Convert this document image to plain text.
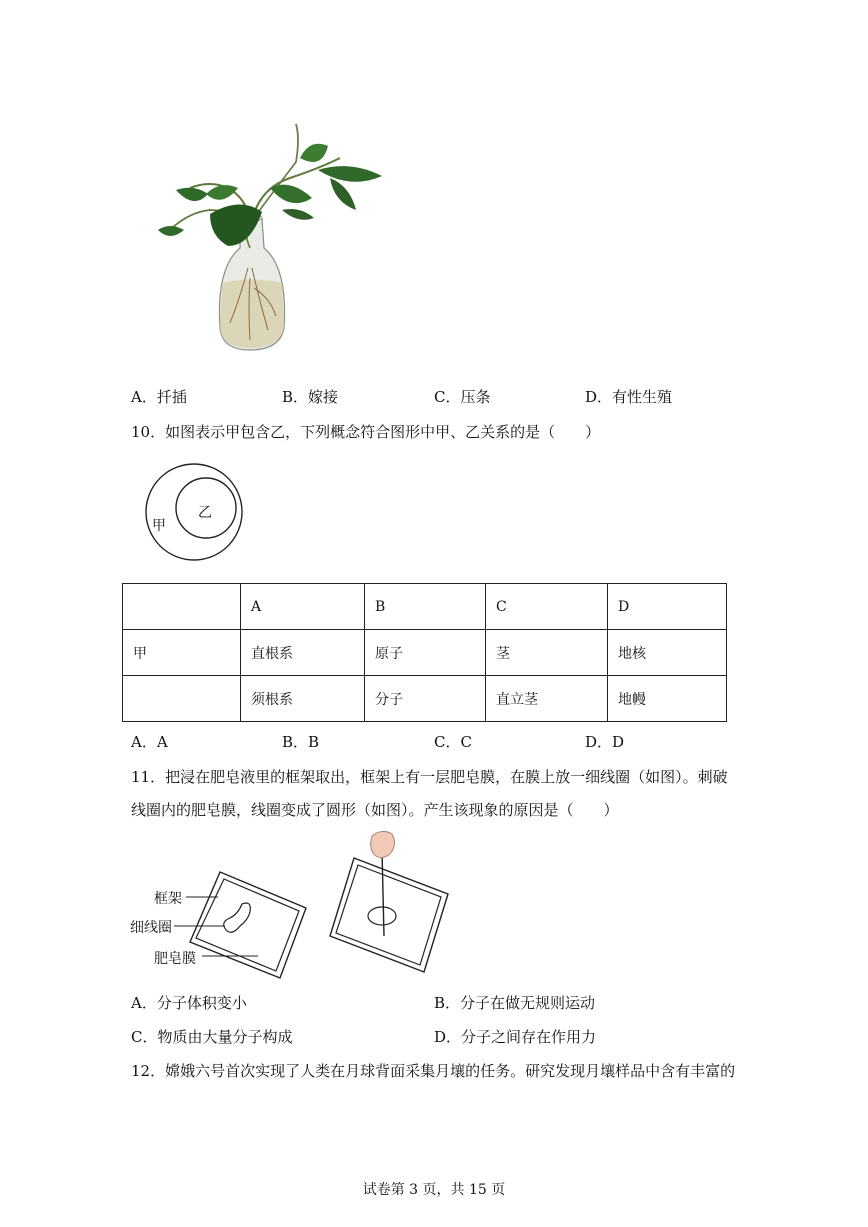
A．扦插	B．嫁接	C．压条	D．有性生殖
10．如图表示甲包含乙，下列概念符合图形中甲、乙关系的是（　　）
甲
乙
	A	B	C	D
甲	直根系	原子	茎	地核
	须根系	分子	直立茎	地幔
A．A	B．B	C．C	D．D
11．把浸在肥皂液里的框架取出，框架上有一层肥皂膜，在膜上放一细线圈（如图）。刺破
线圈内的肥皂膜，线圈变成了圆形（如图）。产生该现象的原因是（　　）
框架
细线圈
肥皂膜
A．分子体积变小	B．分子在做无规则运动
C．物质由大量分子构成	D．分子之间存在作用力
12．嫦娥六号首次实现了人类在月球背面采集月壤的任务。研究发现月壤样品中含有丰富的
试卷第 3 页，共 15 页
